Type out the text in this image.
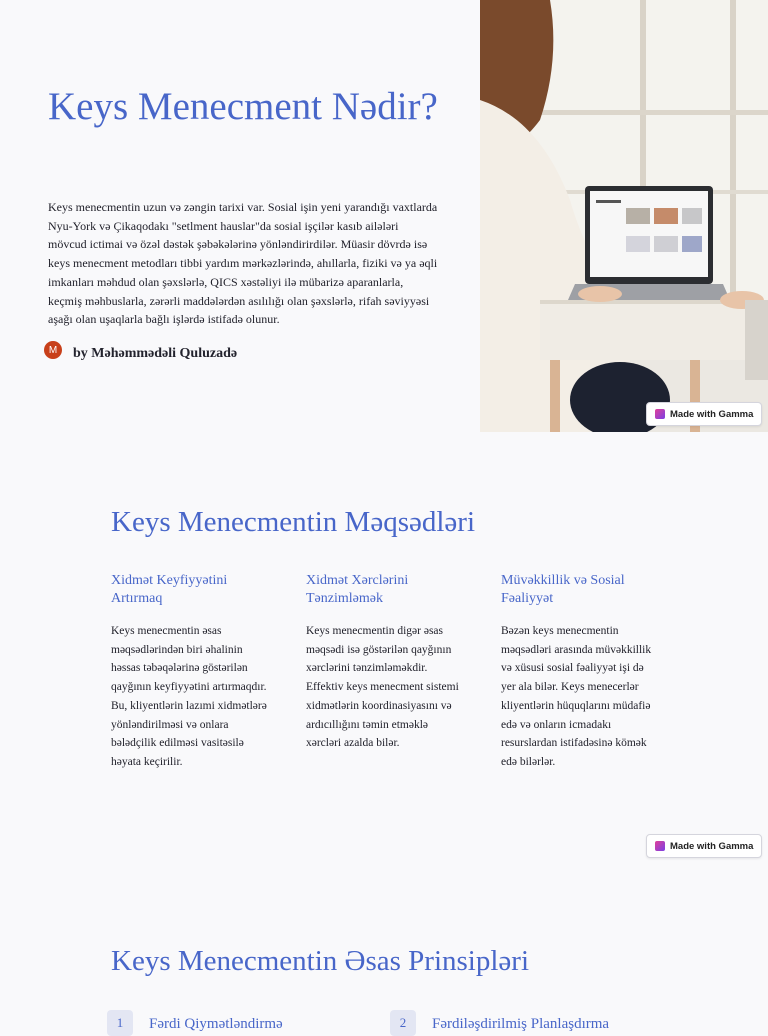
Keys Menecment Nədir?

Keys menecmentin uzun və zəngin tarixi var. Sosial işin yeni yarandığı vaxtlarda Nyu-York və Çikaqodakı "setlment hauslar"da sosial işçilər kasıb ailələri mövcud ictimai və özəl dəstək şəbəkələrinə yönləndirirdilər. Müasir dövrdə isə keys menecment metodları tibbi yardım mərkəzlərində, ahıllarla, fiziki və ya əqli imkanları məhdud olan şəxslərlə, QICS xəstəliyi ilə mübarizə aparanlarla, keçmiş məhbuslarla, zərərli maddələrdən asılılığı olan şəxslərlə, rifah səviyyəsi aşağı olan uşaqlarla bağlı işlərdə istifadə olunur.

M	by Məhəmmədəli Quluzadə
Made with Gamma
Keys Menecmentin Məqsədləri
Xidmət Keyfiyyətini Artırmaq

Keys menecmentin əsas məqsədlərindən biri əhalinin həssas təbəqələrinə göstərilən qayğının keyfiyyətini artırmaqdır. Bu, kliyentlərin lazımi xidmətlərə yönləndirilməsi və onlara bələdçilik edilməsi vasitəsilə həyata keçirilir.

Xidmət Xərclərini Tənzimləmək

Keys menecmentin digər əsas məqsədi isə göstərilən qayğının xərclərini tənzimləməkdir. Effektiv keys menecment sistemi xidmətlərin koordinasiyasını və ardıcıllığını təmin etməklə xərcləri azalda bilər.

Müvəkkillik və Sosial Fəaliyyət

Bəzən keys menecmentin məqsədləri arasında müvəkkillik və xüsusi sosial fəaliyyət işi də yer ala bilər. Keys menecerlər kliyentlərin hüquqlarını müdafiə edə və onların icmadakı resurslardan istifadəsinə kömək edə bilərlər.

Made with Gamma
Keys Menecmentin Əsas Prinsipləri
1	Fərdi Qiymətləndirmə	2	Fərdiləşdirilmiş Planlaşdırma
